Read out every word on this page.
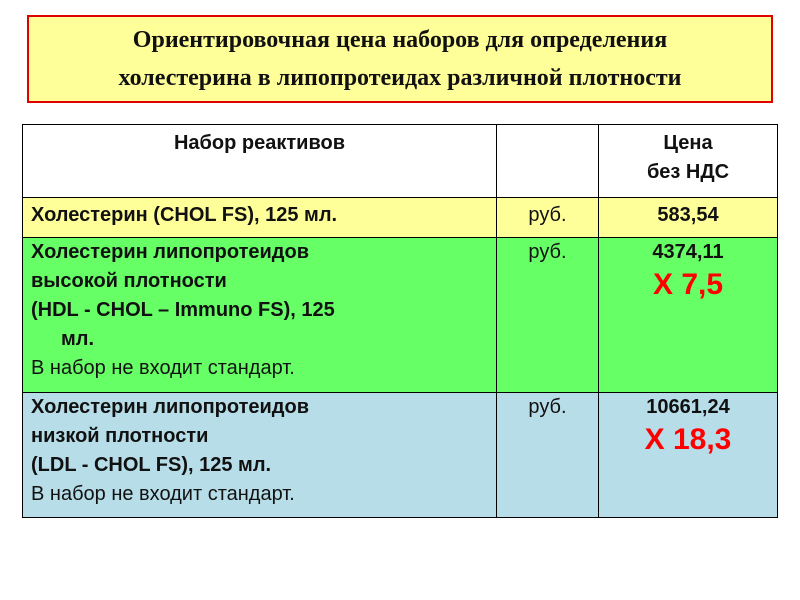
Ориентировочная цена наборов для определения
холестерина в липопротеидах различной плотности
Набор реактивов		Цена
без НДС

Холестерин (CHOL FS), 125 мл.	руб.	583,54

Холестерин липопротеидов
высокой плотности
(HDL - CHOL – Immuno FS), 125
мл.
В набор не входит стандарт.	руб.	4374,11
X 7,5

Холестерин липопротеидов
низкой плотности
(LDL - CHOL FS), 125 мл.
В набор не входит стандарт.	руб.	10661,24
X 18,3
